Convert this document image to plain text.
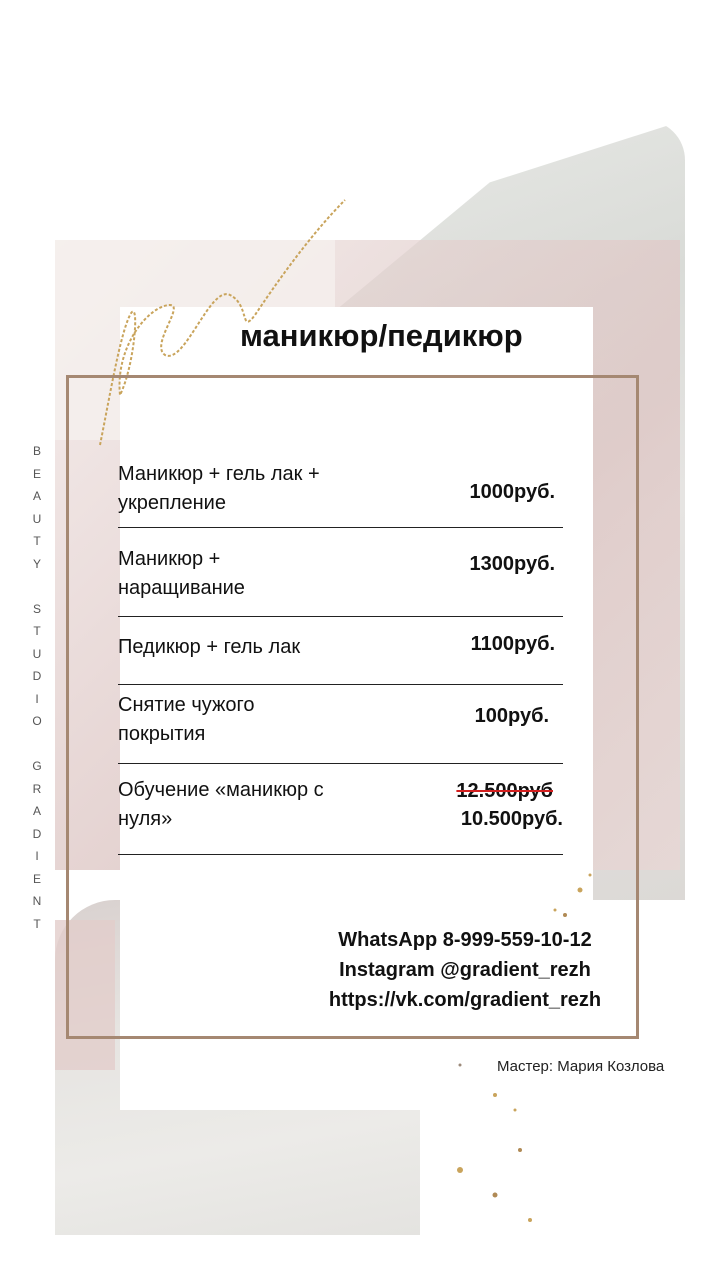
B
E
A
U
T
Y

S
T
U
D
I
O

G
R
A
D
I
E
N
T
маникюр/педикюр
Маникюр + гель лак + укрепление	1000руб.
Маникюр + наращивание
1300руб.
Педикюр + гель лак	1100руб.
Снятие чужого покрытия
100руб.
Обучение «маникюр с нуля»
12.500руб
10.500руб.
WhatsApp 8-999-559-10-12
Instagram @gradient_rezh
https://vk.com/gradient_rezh
Мастер: Мария Козлова
